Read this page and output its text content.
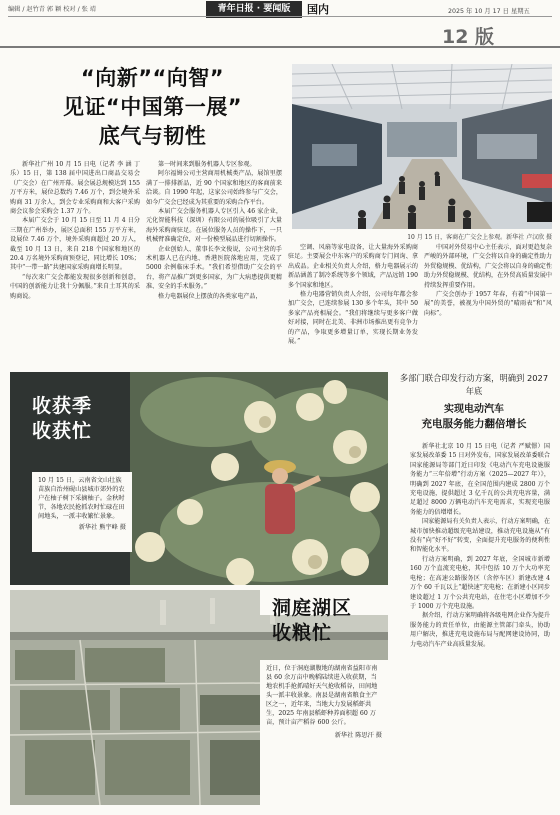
编辑 / 赵竹青 郭 颖 校对 / 张 靖	青年日报 · 要闻版	国内	2025 年 10 月 17 日 星期五
12 版
“向新”“向智”
见证“中国第一展”
底气与韧性
10 月 15 日，客商在广交会上参观。新华社 卢汉欣 摄

新华社广州 10 月 15 日电（记者 李 涵 丁 乐）15 日，第 138 届中国进出口商品交易会（广交会）在广州开幕。展会展总规模达到 155 万平方米，展位总数约 7.46 万个，到会境外采购商 31 万余人，到会专业采购商和大客户采购商会议参会采购会 1.37 万个。

本届广交会于 10 月 15 日至 11 月 4 日分三期在广州举办，展区总面积 155 万平方米，设展位 7.46 万个，境外采购商超过 20 万人，截至 10 月 13 日，来自 218 个国家和地区的 20.4 万名境外采购商预登记，同比增长 10%；其中“一带一路”共建国家采购商增长明显。

“每次来广交会都能发现很多创新和创意，中国的创新能力让我十分佩服。”来自土耳其的采购商说。

第一时间来到服务机器人专区参观。

阿尔福姆公司主营商用机械类产品，展馆里摆满了一排排新品，近 90 个国家和地区的客商前来洽谈。自 1990 年起，这家公司始终参与广交会，如今广交会已经成为其重要的采购合作平台。

本届广交会服务机器人专区引入 46 家企业，元化智能科技（深圳）有限公司的展位吸引了大量海外采购商驻足。在展位服务人员的操作下，一只机械臂准确定位，对一份模型展品进行切割操作。

企业创始人、董事长李文俊说，公司主营的手术机器人已在内地、香港医院落地应用，完成了 5000 余例临床手术。“我们希望借助广交会的平台，将产品推广到更多国家，为广大病患提供更精准、安全的手术服务。”

格力电器展位上摆放的各类家电产品，

空调、风扇等家电设备，让大量海外采购商驻足。主要展会中东客户的采购商专门问询、拿出成品。企业相关负责人介绍，格力电器展示的新品涵盖了制冷系统等多个领域，产品远销 190 多个国家和地区。

格力电器营销负责人介绍，公司每年都会参加广交会，已连续参展 130 多个年头，其中 50 多家产品亮相展会。“我们将继续与更多客户做好对接，同时在北美、非洲市场推出更有竞争力的产品，争取更多增量订单，实现长期业务发展。”

中国对外贸易中心主任表示，面对更趋复杂严峻的外部环境，广交会将以自身的确定性助力外贸稳规模、优结构，广交会将以自身的确定性助力外贸稳规模、优结构，在外贸高质量发展中持续发挥重要作用。

广交会创办于 1957 年春，有着“中国第一展”的美誉，被视为中国外贸的“晴雨表”和“风向标”。

收获季
收获忙
10 月 15 日，云南省文山壮族苗族自治州砚山县城市郊外的农户在柚子树下采摘柚子。金秋时节，各地农民抢抓农时忙碌在田间地头，一派丰收繁忙景象。
新华社 熊宇峰 摄
洞庭湖区
收粮忙
近日，位于洞庭湖腹地的湖南省益阳市南县 60 余万亩中晚稻陆续进入收获期，当地农机手抢抓晴好天气抢收稻谷，田间地头一派丰收景象。南县是湖南省粮食主产区之一，近年来，当地大力发展稻虾共生，2025 年南县稻虾种养面积超 60 万亩，预计亩产稻谷 600 公斤。
新华社 陈思汗 摄
多部门联合印发行动方案，明确到 2027 年底
实现电动汽车
充电服务能力翻倍增长

新华社北京 10 月 15 日电（记者 严赋憬）国家发展改革委 15 日对外发布，国家发展改革委联合国家能源局等部门近日印发《电动汽车充电设施服务能力“三年倍增”行动方案（2025—2027 年）》，明确到 2027 年底，在全国范围内建成 2800 万个充电设施，提供超过 3 亿千瓦的公共充电容量，满足超过 8000 万辆电动汽车充电需求，实现充电服务能力的倍增增长。

国家能源局有关负责人表示，行动方案明确，在城市加快推动超级充电站建设，推动充电设施从“有没有”向“好不好”转变，全面提升充电服务的便利性和智能化水平。

行动方案明确，到 2027 年底，全国城市新增 160 万个直流充电枪，其中包括 10 万个大功率充电枪；在高速公路服务区（含停车区）新建改建 4 万个 60 千瓦以上“超快速”充电枪；在新建小区同步建设超过 1 万个公共充电站，在住宅小区增加不少于 1000 万个充电设施。

据介绍，行动方案明确将各级电网企业作为提升服务能力的责任单位，由能源主管部门牵头，协助用户解决，推进充电设施布局与配网建设协同，助力电动汽车产业高质量发展。
